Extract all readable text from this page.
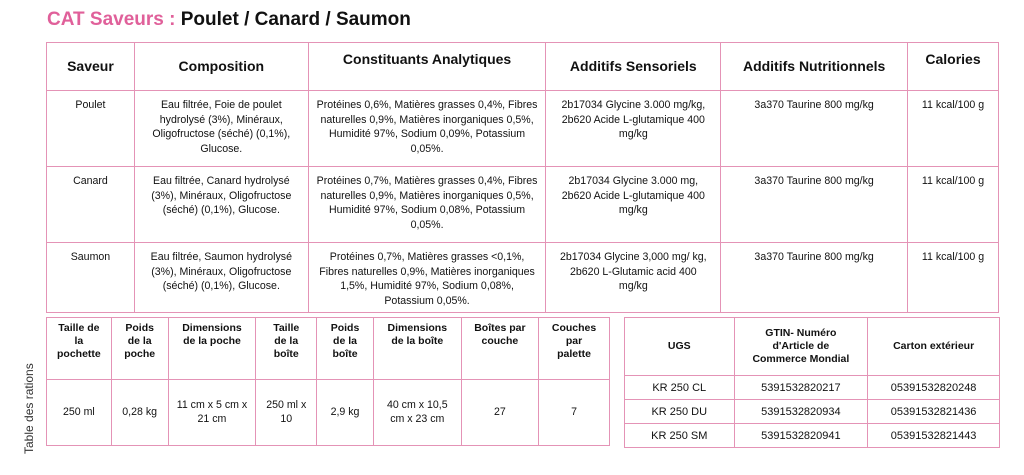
CAT Saveurs : Poulet / Canard / Saumon
Saveur	Composition	Constituants Analytiques	Additifs Sensoriels	Additifs Nutritionnels	Calories
Poulet	Eau filtrée, Foie de poulet hydrolysé (3%), Minéraux, Oligofructose (séché) (0,1%), Glucose.	Protéines 0,6%, Matières grasses 0,4%, Fibres naturelles 0,9%, Matières inorganiques 0,5%, Humidité 97%, Sodium 0,09%, Potassium 0,05%.	2b17034 Glycine 3.000 mg/kg, 2b620 Acide L-glutamique 400 mg/kg	3a370 Taurine 800 mg/kg	11 kcal/100 g
Canard	Eau filtrée, Canard hydrolysé (3%), Minéraux, Oligofructose (séché) (0,1%), Glucose.	Protéines 0,7%, Matières grasses 0,4%, Fibres naturelles 0,9%, Matières inorganiques 0,5%, Humidité 97%, Sodium 0,08%, Potassium 0,05%.	2b17034 Glycine 3.000 mg, 2b620 Acide L-glutamique 400 mg/kg	3a370 Taurine 800 mg/kg	11 kcal/100 g
Saumon	Eau filtrée, Saumon hydrolysé (3%), Minéraux, Oligofructose (séché) (0,1%), Glucose.	Protéines 0,7%, Matières grasses <0,1%, Fibres naturelles 0,9%, Matières inorganiques 1,5%, Humidité 97%, Sodium 0,08%, Potassium 0,05%.	2b17034 Glycine 3,000 mg/ kg, 2b620 L-Glutamic acid 400 mg/kg	3a370 Taurine 800 mg/kg	11 kcal/100 g
Table des rations
Taille de la pochette	Poids de la poche	Dimensions de la poche	Taille de la boîte	Poids de la boîte	Dimensions de la boîte	Boîtes par couche	Couches par palette
250 ml	0,28 kg	11 cm x 5 cm x 21 cm	250 ml x 10	2,9 kg	40 cm x 10,5 cm x 23 cm	27	7
UGS	GTIN- Numéro d'Article de Commerce Mondial	Carton extérieur
KR 250 CL	5391532820217	05391532820248
KR 250 DU	5391532820934	05391532821436
KR 250 SM	5391532820941	05391532821443
